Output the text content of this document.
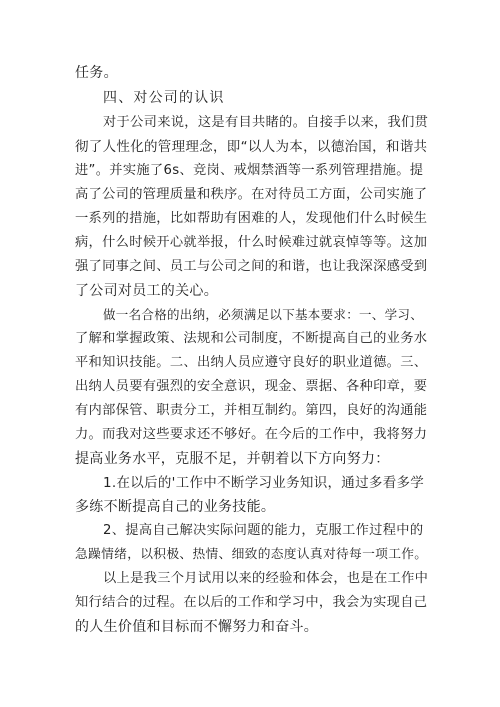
任务。
四、对公司的认识
对于公司来说，这是有目共睹的。自接手以来，我们贯
彻了人性化的管理理念，即“以人为本，以德治国，和谐共
进”。并实施了6s、竞岗、戒烟禁酒等一系列管理措施。提
高了公司的管理质量和秩序。在对待员工方面，公司实施了
一系列的措施，比如帮助有困难的人，发现他们什么时候生
病，什么时候开心就举报，什么时候难过就哀悼等等。这加
强了同事之间、员工与公司之间的和谐，也让我深深感受到
了公司对员工的关心。
做一名合格的出纳，必须满足以下基本要求：一、学习、
了解和掌握政策、法规和公司制度，不断提高自己的业务水
平和知识技能。二、出纳人员应遵守良好的职业道德。三、
出纳人员要有强烈的安全意识，现金、票据、各种印章，要
有内部保管、职责分工，并相互制约。第四，良好的沟通能
力。而我对这些要求还不够好。在今后的工作中，我将努力
提高业务水平，克服不足，并朝着以下方向努力：
1.在以后的'工作中不断学习业务知识，通过多看多学
多练不断提高自己的业务技能。
2、提高自己解决实际问题的能力，克服工作过程中的
急躁情绪，以积极、热情、细致的态度认真对待每一项工作。
以上是我三个月试用以来的经验和体会，也是在工作中
知行结合的过程。在以后的工作和学习中，我会为实现自己
的人生价值和目标而不懈努力和奋斗。
